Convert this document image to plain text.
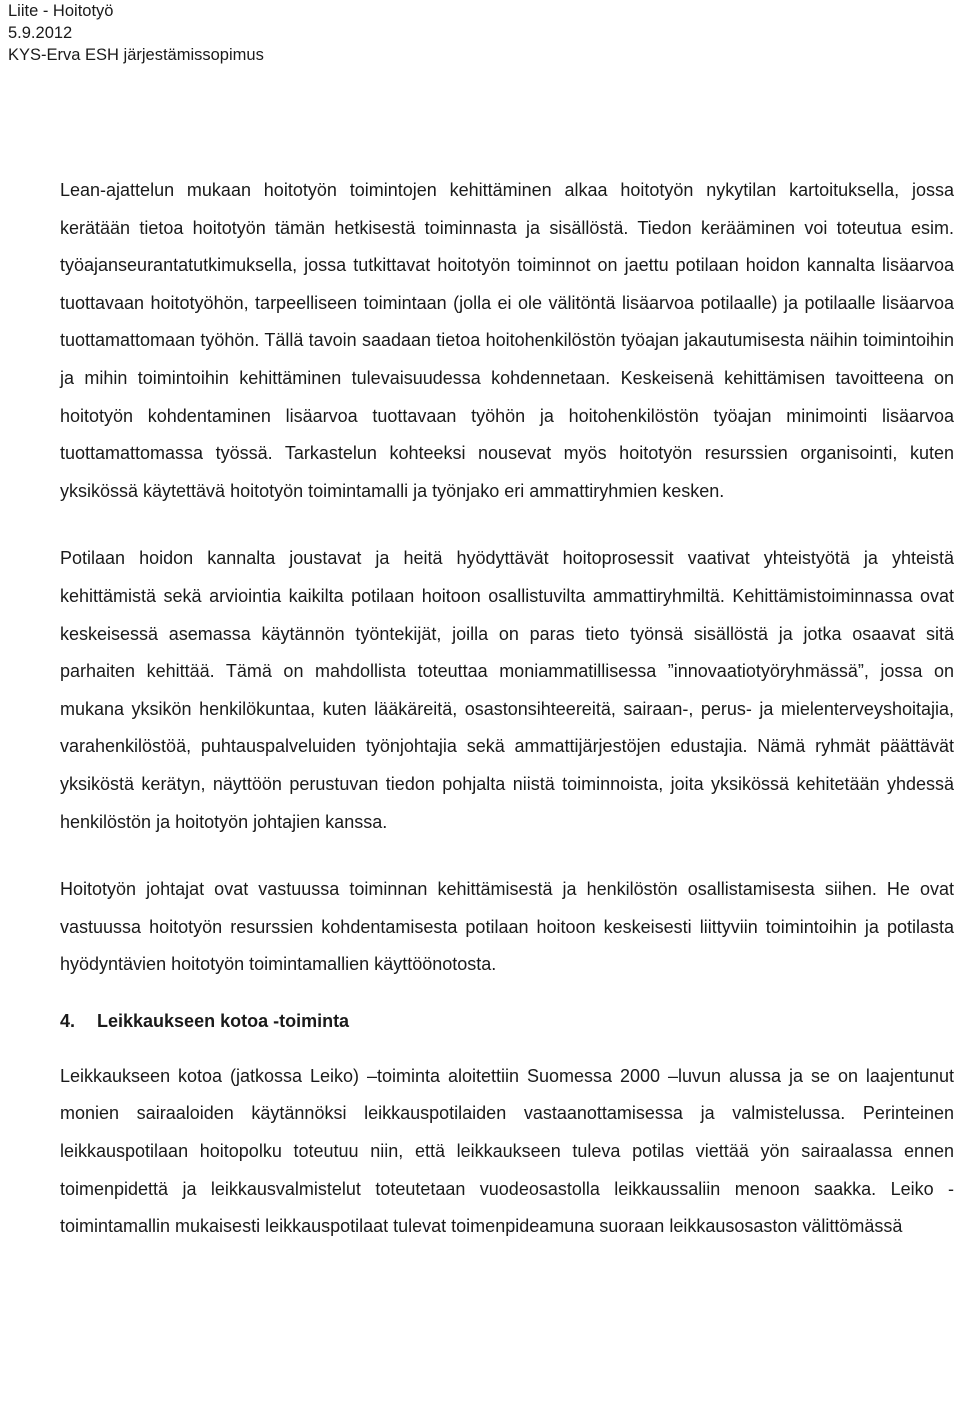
Liite - Hoitotyö
5.9.2012
KYS-Erva ESH järjestämissopimus

Lean-ajattelun mukaan hoitotyön toimintojen kehittäminen alkaa hoitotyön nykytilan kartoituksella, jossa kerätään tietoa hoitotyön tämän hetkisestä toiminnasta ja sisällöstä. Tiedon kerääminen voi toteutua esim. työajanseurantatutkimuksella, jossa tutkittavat hoitotyön toiminnot on jaettu potilaan hoidon kannalta lisäarvoa tuottavaan hoitotyöhön, tarpeelliseen toimintaan (jolla ei ole välitöntä lisäarvoa potilaalle) ja potilaalle lisäarvoa tuottamattomaan työhön. Tällä tavoin saadaan tietoa hoitohenkilöstön työajan jakautumisesta näihin toimintoihin ja mihin toimintoihin kehittäminen tulevaisuudessa kohdennetaan. Keskeisenä kehittämisen tavoitteena on hoitotyön kohdentaminen lisäarvoa tuottavaan työhön ja hoitohenkilöstön työajan minimointi lisäarvoa tuottamattomassa työssä. Tarkastelun kohteeksi nousevat myös hoitotyön resurssien organisointi, kuten yksikössä käytettävä hoitotyön toimintamalli ja työnjako eri ammattiryhmien kesken.

Potilaan hoidon kannalta joustavat ja heitä hyödyttävät hoitoprosessit vaativat yhteistyötä ja yhteistä kehittämistä sekä arviointia kaikilta potilaan hoitoon osallistuvilta ammattiryhmiltä. Kehittämistoiminnassa ovat keskeisessä asemassa käytännön työntekijät, joilla on paras tieto työnsä sisällöstä ja jotka osaavat sitä parhaiten kehittää. Tämä on mahdollista toteuttaa moniammatillisessa ”innovaatiotyöryhmässä”, jossa on mukana yksikön henkilökuntaa, kuten lääkäreitä, osastonsihteereitä, sairaan-, perus- ja mielenterveyshoitajia, varahenkilöstöä, puhtauspalveluiden työnjohtajia sekä ammattijärjestöjen edustajia. Nämä ryhmät päättävät yksiköstä kerätyn, näyttöön perustuvan tiedon pohjalta niistä toiminnoista, joita yksikössä kehitetään yhdessä henkilöstön ja hoitotyön johtajien kanssa.

Hoitotyön johtajat ovat vastuussa toiminnan kehittämisestä ja henkilöstön osallistamisesta siihen. He ovat vastuussa hoitotyön resurssien kohdentamisesta potilaan hoitoon keskeisesti liittyviin toimintoihin ja potilasta hyödyntävien hoitotyön toimintamallien käyttöönotosta.

4.	Leikkaukseen kotoa -toiminta

Leikkaukseen kotoa (jatkossa Leiko) –toiminta aloitettiin Suomessa 2000 –luvun alussa ja se on laajentunut monien sairaaloiden käytännöksi leikkauspotilaiden vastaanottamisessa ja valmistelussa. Perinteinen leikkauspotilaan hoitopolku toteutuu niin, että leikkaukseen tuleva potilas viettää yön sairaalassa ennen toimenpidettä ja leikkausvalmistelut toteutetaan vuodeosastolla leikkaussaliin menoon saakka. Leiko -toimintamallin mukaisesti leikkauspotilaat tulevat toimenpideamuna suoraan leikkausosaston välittömässä
